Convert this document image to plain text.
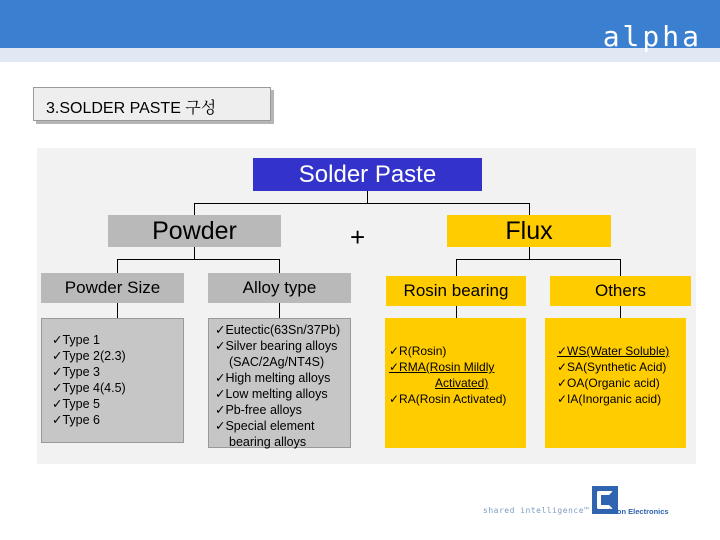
alpha
3.SOLDER PASTE 구성
Solder Paste
Powder	+	Flux
Powder Size	Alloy type	Rosin bearing	Others
✓Type 1
✓Type 2(2.3)
✓Type 3
✓Type 4(4.5)
✓Type 5
✓Type 6
✓Eutectic(63Sn/37Pb)
✓Silver bearing alloys
(SAC/2Ag/NT4S)
✓High melting alloys
✓Low melting alloys
✓Pb-free alloys
✓Special element
bearing alloys
✓R(Rosin)
✓RMA(Rosin Mildly
Activated)
✓RA(Rosin Activated)
✓WS(Water Soluble)
✓SA(Synthetic Acid)
✓OA(Organic acid)
✓IA(Inorganic acid)
shared intelligence™ Cookson Electronics
